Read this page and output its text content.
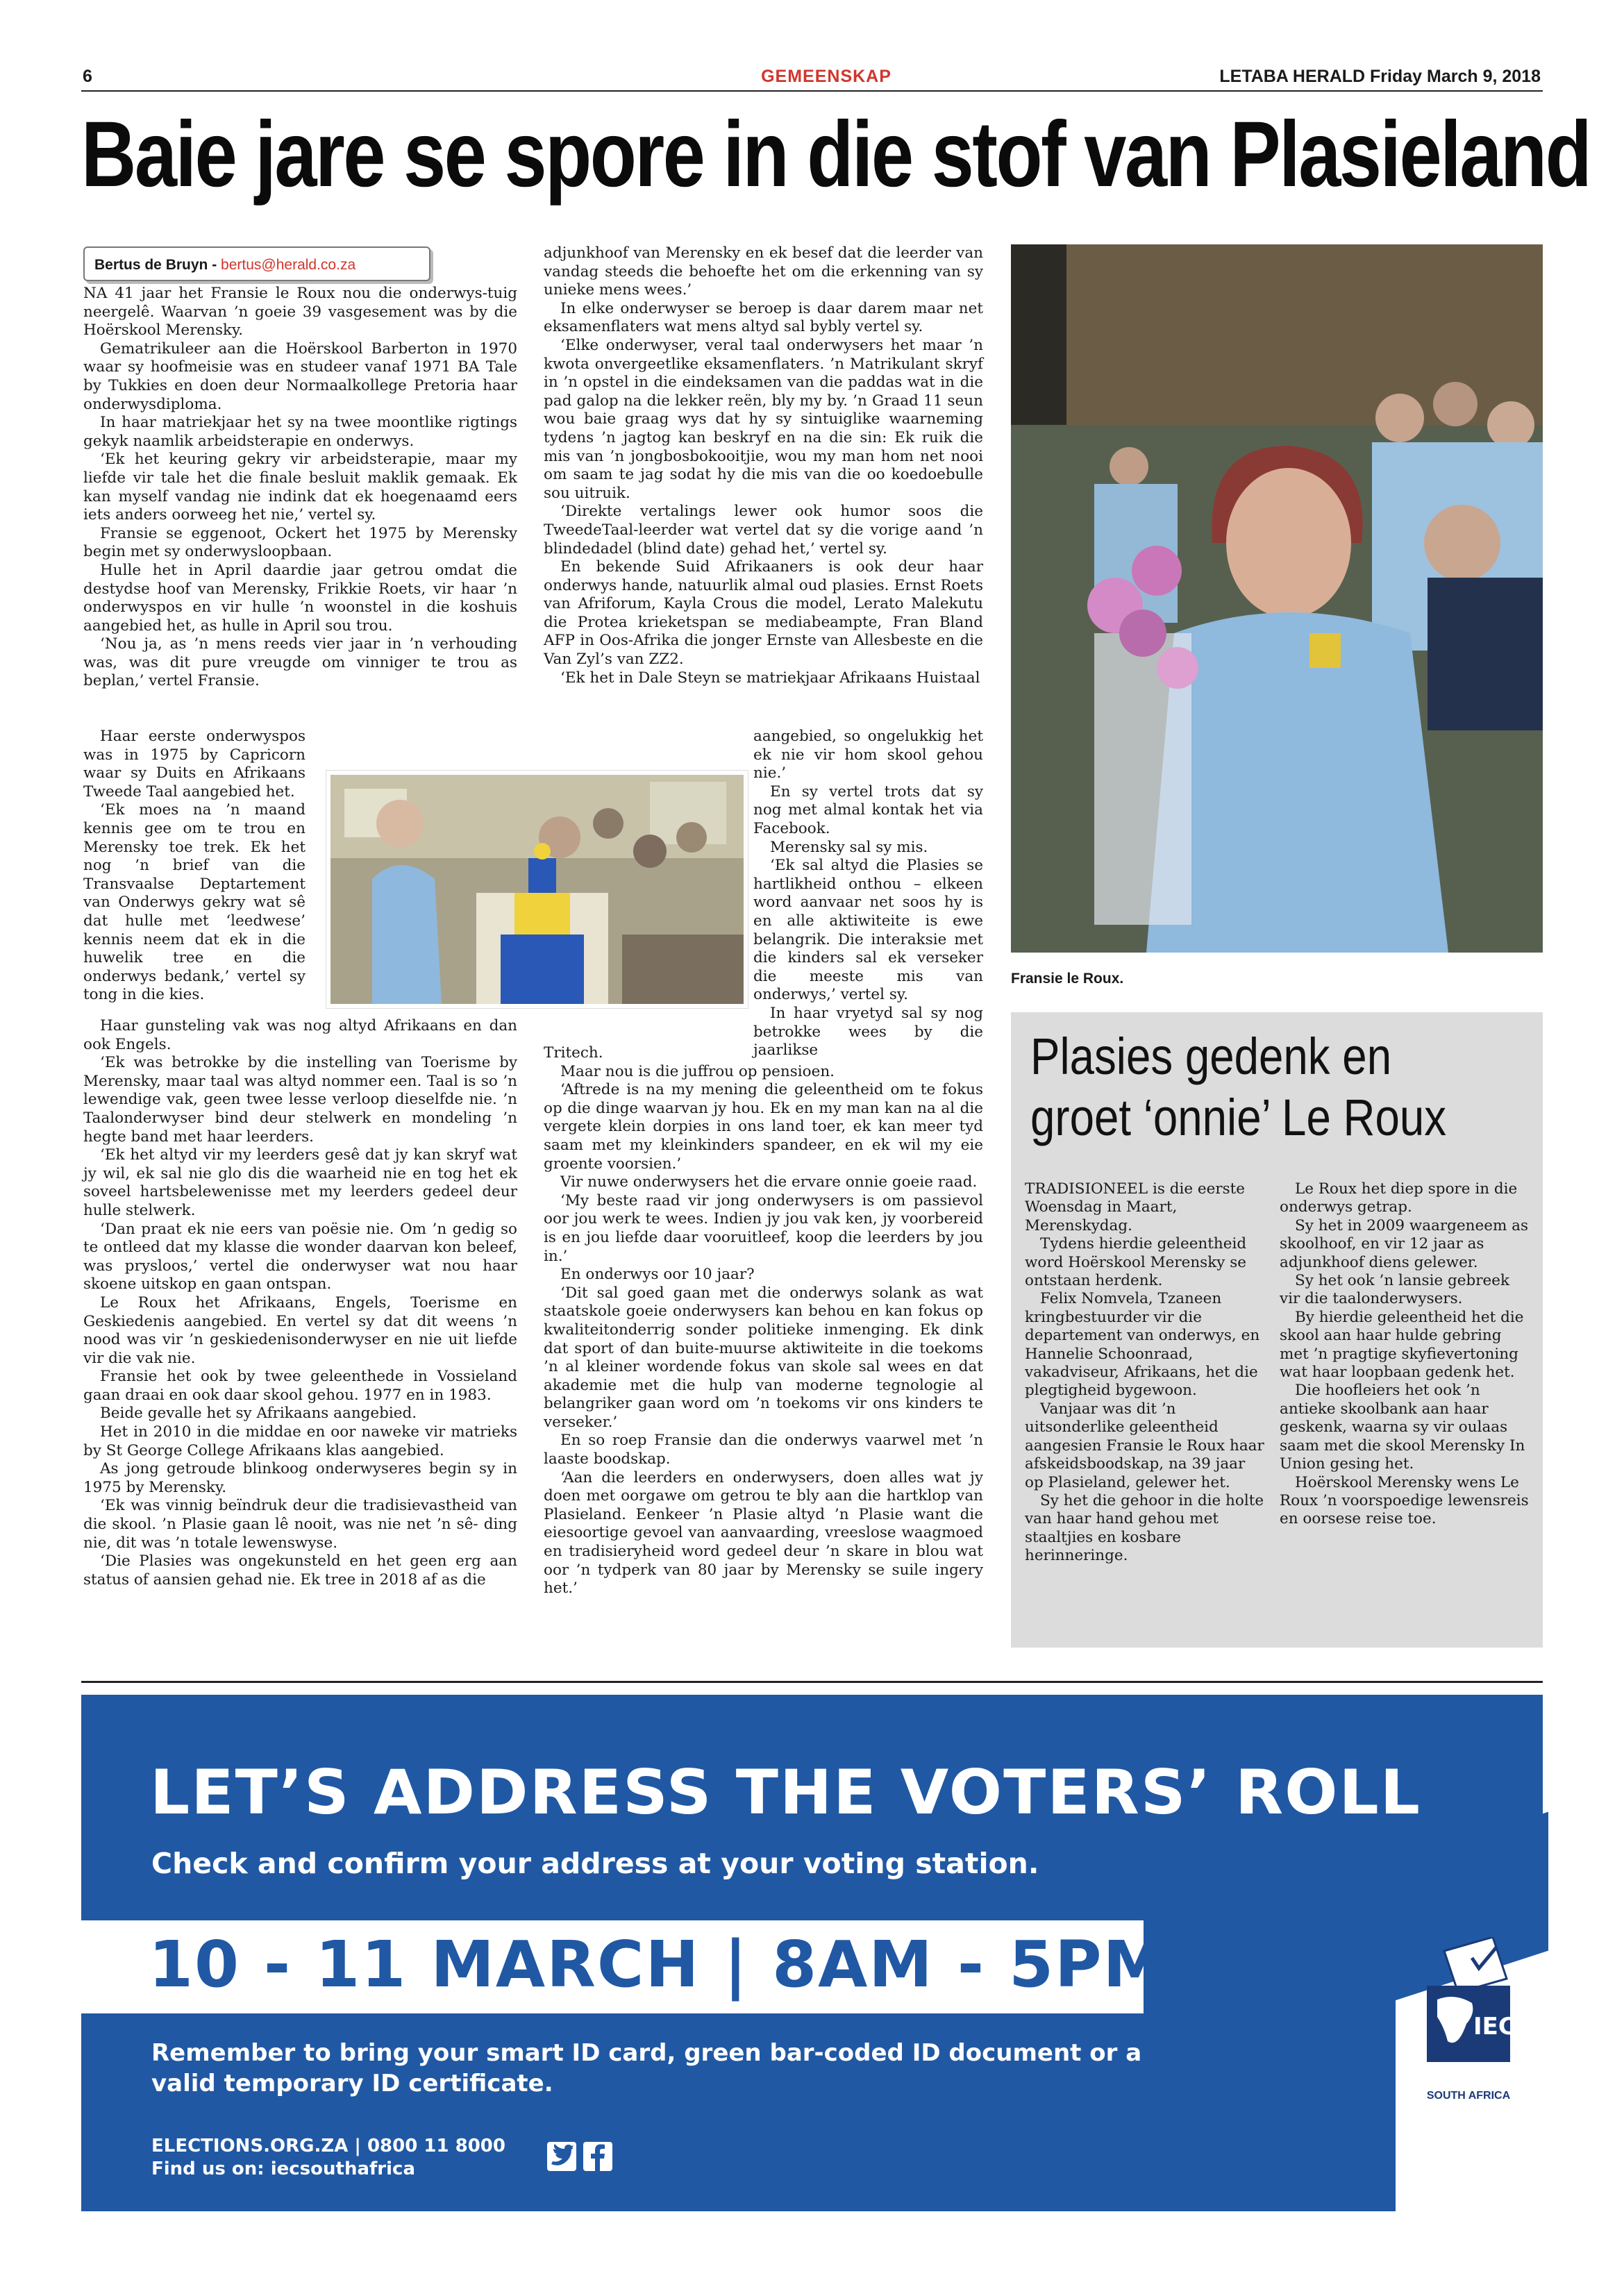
6	GEMEENSKAP	LETABA HERALD Friday March 9, 2018
Baie jare se spore in die stof van Plasieland
Bertus de Bruyn - bertus@herald.co.za

NA 41 jaar het Fransie le Roux nou die onderwys-tuig neergelê. Waarvan ’n goeie 39 vasgesement was by die Hoërskool Merensky.

Gematrikuleer aan die Hoërskool Barberton in 1970 waar sy hoofmeisie was en studeer vanaf 1971 BA Tale by Tukkies en doen deur Normaalkollege Pretoria haar onderwysdiploma.

In haar matriekjaar het sy na twee moontlike rigtings gekyk naamlik arbeidsterapie en onderwys.

‘Ek het keuring gekry vir arbeidsterapie, maar my liefde vir tale het die finale besluit maklik gemaak. Ek kan myself vandag nie indink dat ek hoegenaamd eers iets anders oorweeg het nie,’ vertel sy.

Fransie se eggenoot, Ockert het 1975 by Merensky begin met sy onderwysloopbaan.

Hulle het in April daardie jaar getrou omdat die destydse hoof van Merensky, Frikkie Roets, vir haar ’n onderwyspos en vir hulle ’n woonstel in die koshuis aangebied het, as hulle in April sou trou.

‘Nou ja, as ’n mens reeds vier jaar in ’n verhouding was, was dit pure vreugde om vinniger te trou as beplan,’ vertel Fransie.

Haar eerste onderwyspos was in 1975 by Capricorn waar sy Duits en Afrikaans Tweede Taal aangebied het.

‘Ek moes na ’n maand kennis gee om te trou en Merensky toe trek. Ek het nog ’n brief van die Transvaalse Deptartement van Onderwys gekry wat sê dat hulle met ‘leedwese’ kennis neem dat ek in die huwelik tree en die onderwys bedank,’ vertel sy tong in die kies.

Haar gunsteling vak was nog altyd Afrikaans en dan ook Engels.

‘Ek was betrokke by die instelling van Toerisme by Merensky, maar taal was altyd nommer een. Taal is so ’n lewendige vak, geen twee lesse verloop dieselfde nie. ’n Taalonderwyser bind deur stelwerk en mondeling ’n hegte band met haar leerders.

‘Ek het altyd vir my leerders gesê dat jy kan skryf wat jy wil, ek sal nie glo dis die waarheid nie en tog het ek soveel hartsbelewenisse met my leerders gedeel deur hulle stelwerk.

‘Dan praat ek nie eers van poësie nie. Om ’n gedig so te ontleed dat my klasse die wonder daarvan kon beleef, was prysloos,’ vertel die onderwyser wat nou haar skoene uitskop en gaan ontspan.

Le Roux het Afrikaans, Engels, Toerisme en Geskiedenis aangebied. En vertel sy dat dit weens ’n nood was vir ’n geskiedenisonderwyser en nie uit liefde vir die vak nie.

Fransie het ook by twee geleenthede in Vossieland gaan draai en ook daar skool gehou. 1977 en in 1983.

Beide gevalle het sy Afrikaans aangebied.

Het in 2010 in die middae en oor naweke vir matrieks by St George College Afrikaans klas aangebied.

As jong getroude blinkoog onderwyseres begin sy in 1975 by Merensky.

‘Ek was vinnig beïndruk deur die tradisievastheid van die skool. ’n Plasie gaan lê nooit, was nie net ’n sê- ding nie, dit was ’n totale lewenswyse.

‘Die Plasies was ongekunsteld en het geen erg aan status of aansien gehad nie. Ek tree in 2018 af as die

adjunkhoof van Merensky en ek besef dat die leerder van vandag steeds die behoefte het om die erkenning van sy unieke mens wees.’

In elke onderwyser se beroep is daar darem maar net eksamenflaters wat mens altyd sal bybly vertel sy.

‘Elke onderwyser, veral taal onderwysers het maar ’n kwota onvergeetlike eksamenflaters. ’n Matrikulant skryf in ’n opstel in die eindeksamen van die paddas wat in die pad galop na die lekker reën, bly my by. ’n Graad 11 seun wou baie graag wys dat hy sy sintuiglike waarneming tydens ’n jagtog kan beskryf en na die sin: Ek ruik die mis van ’n jongbosbokooitjie, wou my man hom net nooi om saam te jag sodat hy die mis van die oo koedoebulle sou uitruik.

‘Direkte vertalings lewer ook humor soos die TweedeTaal-leerder wat vertel dat sy die vorige aand ’n blindedadel (blind date) gehad het,’ vertel sy.

En bekende Suid Afrikaaners is ook deur haar onderwys hande, natuurlik almal oud plasies. Ernst Roets van Afriforum, Kayla Crous die model, Lerato Malekutu die Protea krieketspan se mediabeampte, Fran Bland AFP in Oos-Afrika die jonger Ernste van Allesbeste en die Van Zyl’s van ZZ2.

‘Ek het in Dale Steyn se matriekjaar Afrikaans Huistaal

aangebied, so ongelukkig het ek nie vir hom skool gehou nie.’

En sy vertel trots dat sy nog met almal kontak het via Facebook.

Merensky sal sy mis.

‘Ek sal altyd die Plasies se hartlikheid onthou – elkeen word aanvaar net soos hy is en alle aktiwiteite is ewe belangrik. Die interaksie met die kinders sal ek verseker die meeste mis van onderwys,’ vertel sy.

In haar vryetyd sal sy nog betrokke wees by die jaarlikse

Tritech.

Maar nou is die juffrou op pensioen.

‘Aftrede is na my mening die geleentheid om te fokus op die dinge waarvan jy hou. Ek en my man kan na al die vergete klein dorpies in ons land toer, ek kan meer tyd saam met my kleinkinders spandeer, en ek wil my eie groente voorsien.’

Vir nuwe onderwysers het die ervare onnie goeie raad.

‘My beste raad vir jong onderwysers is om passievol oor jou werk te wees. Indien jy jou vak ken, jy voorbereid is en jou liefde daar vooruitleef, koop die leerders by jou in.’

En onderwys oor 10 jaar?

‘Dit sal goed gaan met die onderwys solank as wat staatskole goeie onderwysers kan behou en kan fokus op kwaliteitonderrig sonder politieke inmenging. Ek dink dat sport of dan buite-muurse aktiwiteite in die toekoms ’n al kleiner wordende fokus van skole sal wees en dat akademie met die hulp van moderne tegnologie al belangriker gaan word om ’n toekoms vir ons kinders te verseker.’

En so roep Fransie dan die onderwys vaarwel met ’n laaste boodskap.

‘Aan die leerders en onderwysers, doen alles wat jy doen met oorgawe om getrou te bly aan die hartklop van Plasieland. Eenkeer ’n Plasie altyd ’n Plasie want die eiesoortige gevoel van aanvaarding, vreeslose waagmoed en tradisieryheid word gedeel deur ’n skare in blou wat oor ’n tydperk van 80 jaar by Merensky se suile ingery het.’

Fransie le Roux.
Plasies gedenk en groet ‘onnie’ Le Roux

TRADISIONEEL is die eerste Woensdag in Maart, Merenskydag.

Tydens hierdie geleentheid word Hoërskool Merensky se ontstaan herdenk.

Felix Nomvela, Tzaneen kringbestuurder vir die departement van onderwys, en Hannelie Schoonraad, vakadviseur, Afrikaans, het die plegtigheid bygewoon.

Vanjaar was dit ’n uitsonderlike geleentheid aangesien Fransie le Roux haar afskeidsboodskap, na 39 jaar op Plasieland, gelewer het.

Sy het die gehoor in die holte van haar hand gehou met staaltjies en kosbare herinneringe.

Le Roux het diep spore in die onderwys getrap.

Sy het in 2009 waargeneem as skoolhoof, en vir 12 jaar as adjunkhoof diens gelewer.

Sy het ook ’n lansie gebreek vir die taalonderwysers.

By hierdie geleentheid het die skool aan haar hulde gebring met ’n pragtige skyfievertoning wat haar loopbaan gedenk het.

Die hoofleiers het ook ’n antieke skoolbank aan haar geskenk, waarna sy vir oulaas saam met die skool Merensky In Union gesing het.

Hoërskool Merensky wens Le Roux ’n voorspoedige lewensreis en oorsese reise toe.

LET’S ADDRESS THE VOTERS’ ROLL
Check and confirm your address at your voting station.
10 - 11 MARCH | 8AM - 5PM
Remember to bring your smart ID card, green bar-coded ID document or a valid temporary ID certificate.
ELECTIONS.ORG.ZA | 0800 11 8000
Find us on: iecsouthafrica
IEC
SOUTH AFRICA
